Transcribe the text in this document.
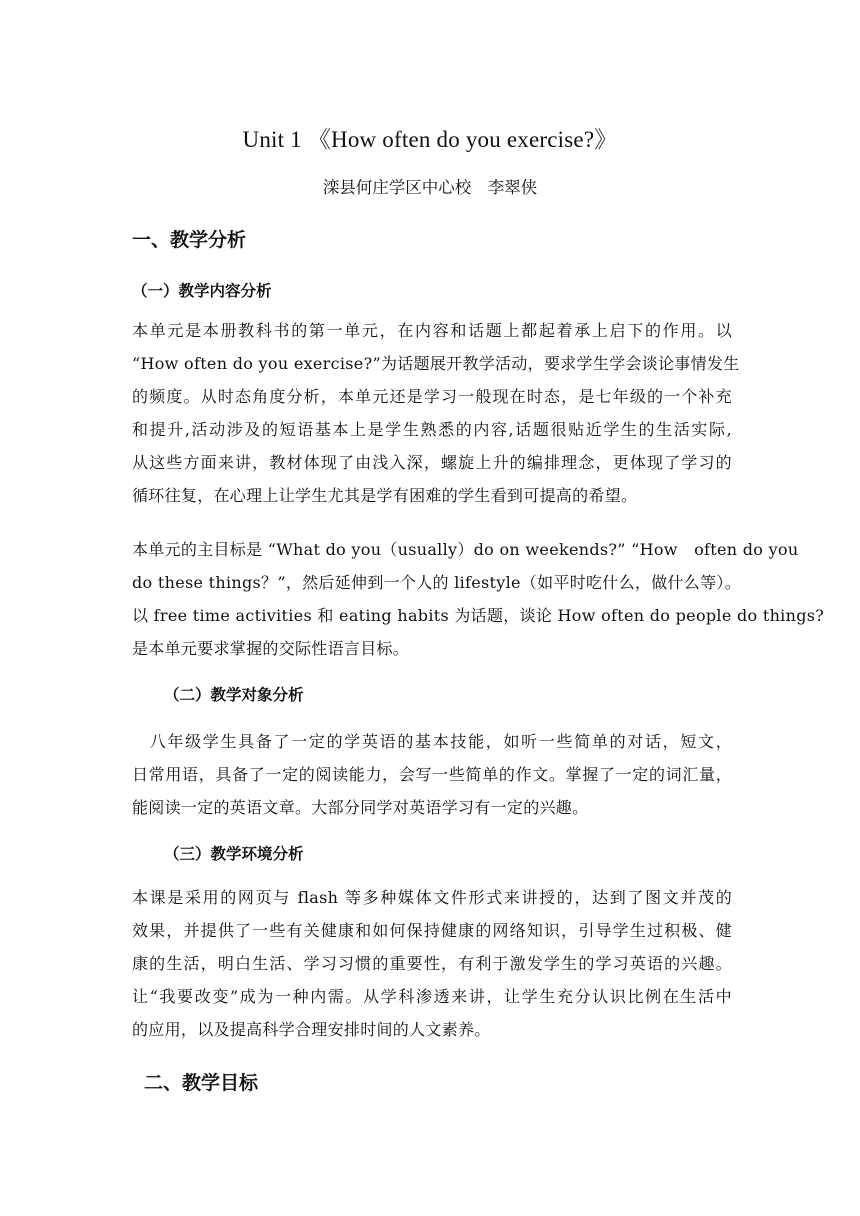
Unit 1 《How often do you exercise?》
滦县何庄学区中心校　李翠侠
一、教学分析
（一）教学内容分析
本单元是本册教科书的第一单元，在内容和话题上都起着承上启下的作用。以
“How often do you exercise?”为话题展开教学活动，要求学生学会谈论事情发生
的频度。从时态角度分析，本单元还是学习一般现在时态，是七年级的一个补充
和提升,活动涉及的短语基本上是学生熟悉的内容,话题很贴近学生的生活实际,
从这些方面来讲，教材体现了由浅入深，螺旋上升的编排理念，更体现了学习的
循环往复，在心理上让学生尤其是学有困难的学生看到可提高的希望。
本单元的主目标是 “What do you（usually）do on weekends?” “How　often do you
do these things？”，然后延伸到一个人的 lifestyle（如平时吃什么，做什么等）。
以 free time activities 和 eating habits 为话题，谈论 How often do people do things?
是本单元要求掌握的交际性语言目标。
（二）教学对象分析
　八年级学生具备了一定的学英语的基本技能，如听一些简单的对话，短文，
日常用语，具备了一定的阅读能力，会写一些简单的作文。掌握了一定的词汇量，
能阅读一定的英语文章。大部分同学对英语学习有一定的兴趣。
（三）教学环境分析
本课是采用的网页与 flash 等多种媒体文件形式来讲授的，达到了图文并茂的
效果，并提供了一些有关健康和如何保持健康的网络知识，引导学生过积极、健
康的生活，明白生活、学习习惯的重要性，有利于激发学生的学习英语的兴趣。
让“我要改变”成为一种内需。从学科渗透来讲，让学生充分认识比例在生活中
的应用，以及提高科学合理安排时间的人文素养。
二、教学目标
